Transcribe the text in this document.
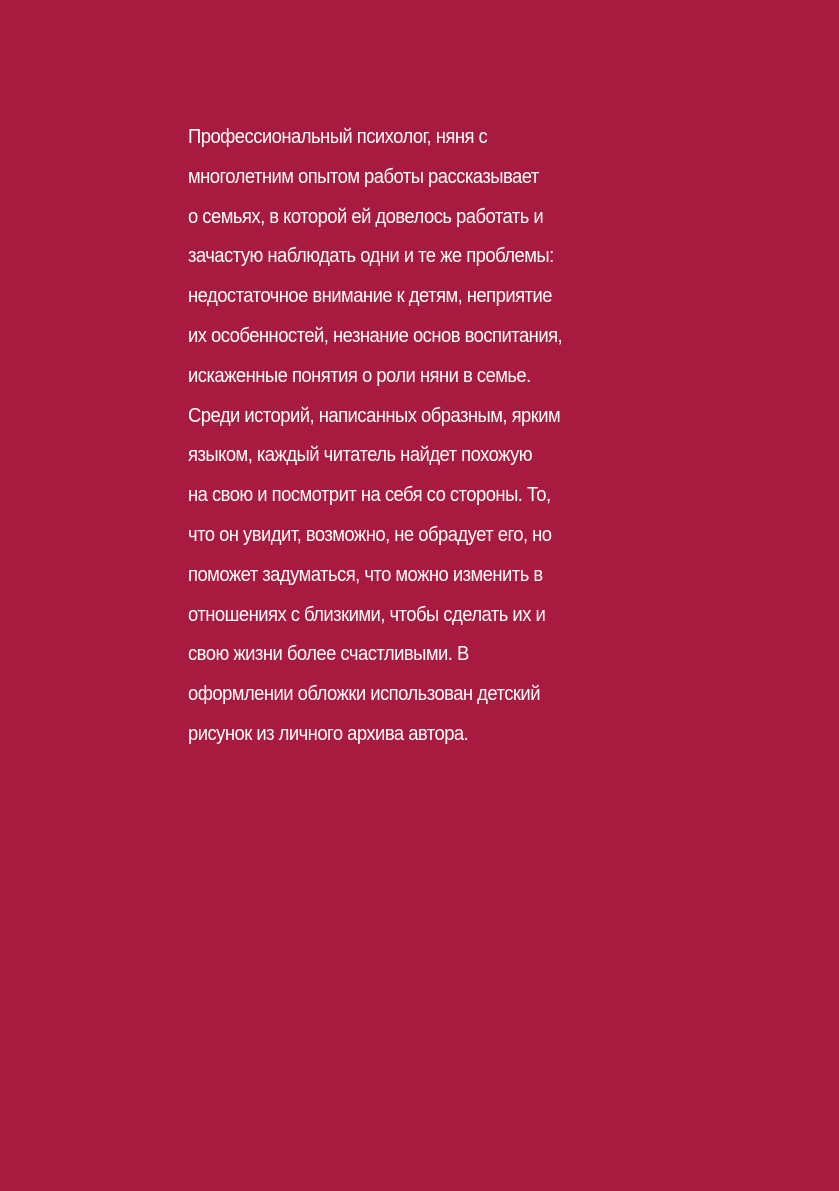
Профессиональный психолог, няня с
многолетним опытом работы рассказывает
о семьях, в которой ей довелось работать и
зачастую наблюдать одни и те же проблемы:
недостаточное внимание к детям, неприятие
их особенностей, незнание основ воспитания,
искаженные понятия о роли няни в семье.
Среди историй, написанных образным, ярким
языком, каждый читатель найдет похожую
на свою и посмотрит на себя со стороны. То,
что он увидит, возможно, не обрадует его, но
поможет задуматься, что можно изменить в
отношениях с близкими, чтобы сделать их и
свою жизни более счастливыми. В
оформлении обложки использован детский
рисунок из личного архива автора.
